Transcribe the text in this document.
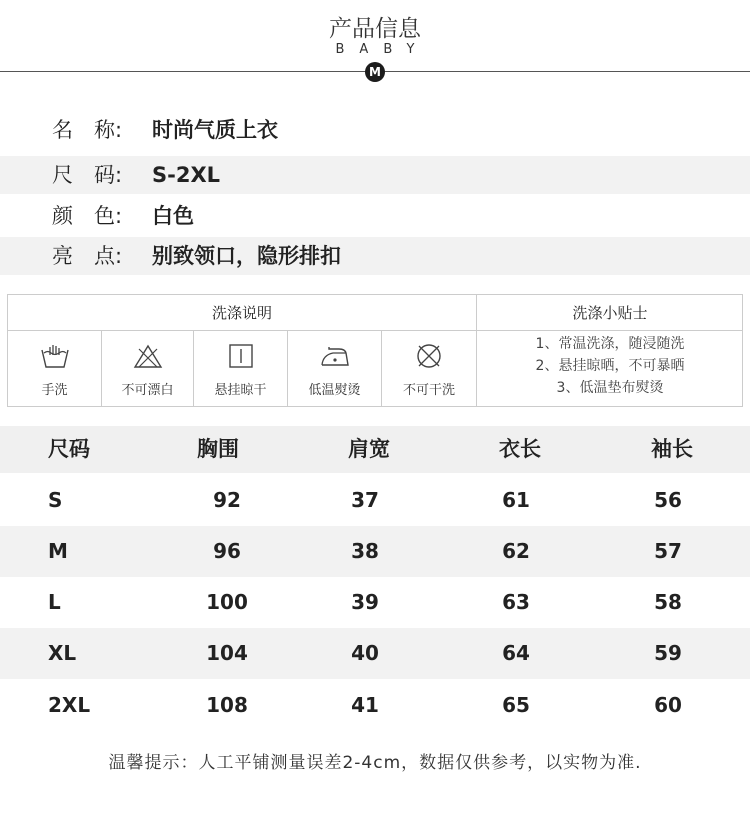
产品信息
BABY
M
名　称:	时尚气质上衣
尺　码:	S-2XL
颜　色:	白色
亮　点:	别致领口，隐形排扣
洗涤说明	洗涤小贴士
手洗	不可漂白	悬挂晾干	低温熨烫	不可干洗
1、常温洗涤，随浸随洗
2、悬挂晾晒，不可暴晒
3、低温垫布熨烫
尺码	胸围	肩宽	衣长	袖长
S	92	37	61	56
M	96	38	62	57
L	100	39	63	58
XL	104	40	64	59
2XL	108	41	65	60
温馨提示：人工平铺测量误差2-4cm，数据仅供参考，以实物为准.
